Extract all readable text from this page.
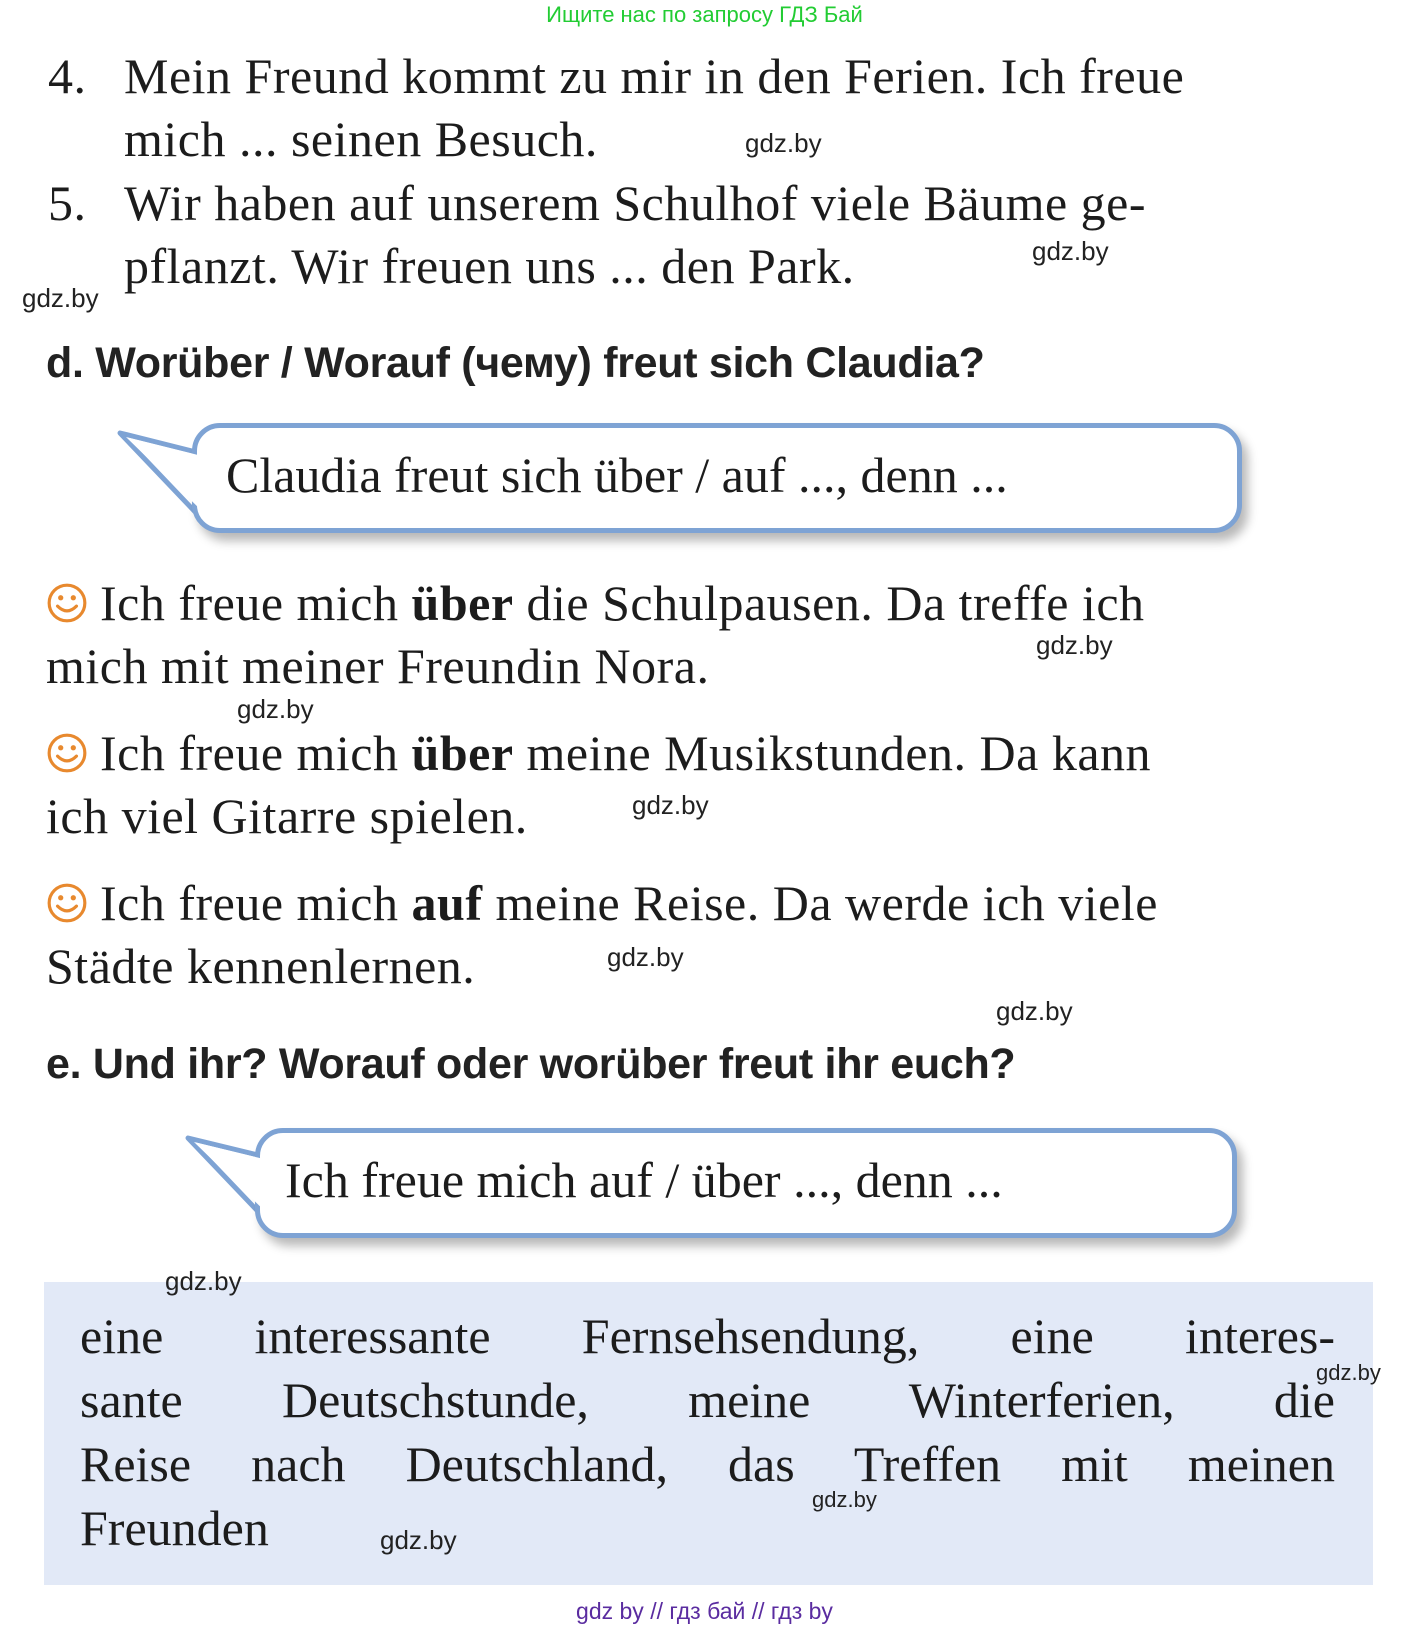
Ищите нас по запросу ГДЗ Бай
4. Mein Freund kommt zu mir in den Ferien. Ich freue
mich ... seinen Besuch.
5. Wir haben auf unserem Schulhof viele Bäume ge-
pflanzt. Wir freuen uns ... den Park.
d. Worüber / Worauf (чему) freut sich Claudia?
Claudia freut sich über / auf ..., denn ...
Ich freue mich über die Schulpausen. Da treffe ich
mich mit meiner Freundin Nora.
Ich freue mich über meine Musikstunden. Da kann
ich viel Gitarre spielen.
Ich freue mich auf meine Reise. Da werde ich viele
Städte kennenlernen.
e. Und ihr? Worauf oder worüber freut ihr euch?
Ich freue mich auf / über ..., denn ...
eine interessante Fernsehsendung, eine interes-
sante Deutschstunde, meine Winterferien, die
Reise nach Deutschland, das Treffen mit meinen
Freunden
gdz.by
gdz.by
gdz.by
gdz.by
gdz.by
gdz.by
gdz.by
gdz.by
gdz.by
gdz.by
gdz.by
gdz.by
gdz by // гдз бай // гдз by
